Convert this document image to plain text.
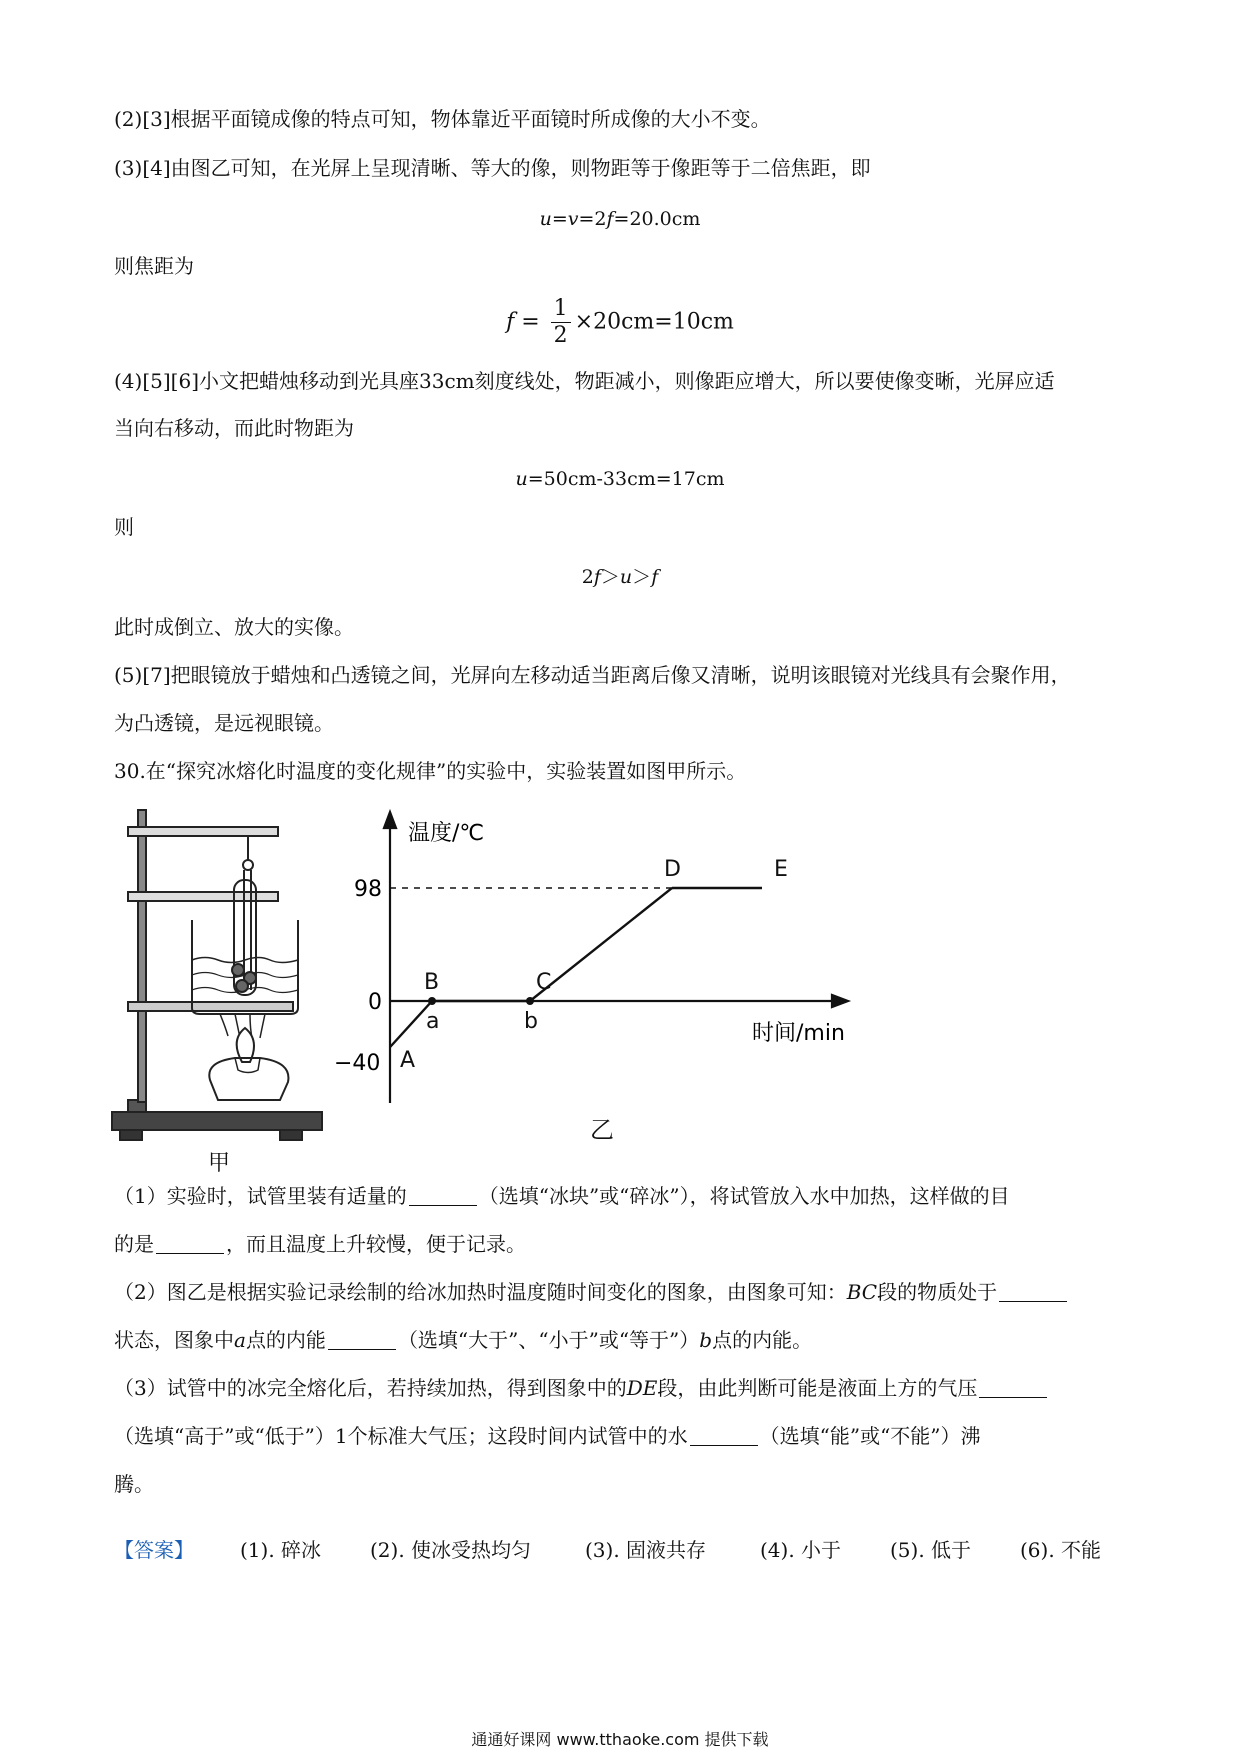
(2)[3]根据平面镜成像的特点可知，物体靠近平面镜时所成像的大小不变。
(3)[4]由图乙可知，在光屏上呈现清晰、等大的像，则物距等于像距等于二倍焦距，即
u=v=2f=20.0cm
则焦距为
$f = \frac{1}{2} \times 20cm=10cm$
(4)[5][6]小文把蜡烛移动到光具座33cm刻度线处，物距减小，则像距应增大，所以要使像变晰，光屏应适
当向右移动，而此时物距为
u=50cm-33cm=17cm
则
2f＞u＞f
此时成倒立、放大的实像。
(5)[7]把眼镜放于蜡烛和凸透镜之间，光屏向左移动适当距离后像又清晰，说明该眼镜对光线具有会聚作用，
为凸透镜，是远视眼镜。
30.在“探究冰熔化时温度的变化规律”的实验中，实验装置如图甲所示。
甲
A
B	C
D	E
a	b
温度/℃
时间/min
98
0
−40
乙
（1）实验时，试管里装有适量的	（选填“冰块”或“碎冰”），将试管放入水中加热，这样做的目
的是	，而且温度上升较慢，便于记录。
（2）图乙是根据实验记录绘制的给冰加热时温度随时间变化的图象，由图象可知：BC段的物质处于
状态，图象中a点的内能	（选填“大于”、“小于”或“等于”）b点的内能。
（3）试管中的冰完全熔化后，若持续加热，得到图象中的DE段，由此判断可能是液面上方的气压
（选填“高于”或“低于”）1个标准大气压；这段时间内试管中的水	（选填“能”或“不能”）沸
腾。
【答案】 (1). 碎冰 (2). 使冰受热均匀	(3). 固液共存	(4). 小于 (5). 低于 (6). 不能
通通好课网 www.tthaoke.com 提供下载
